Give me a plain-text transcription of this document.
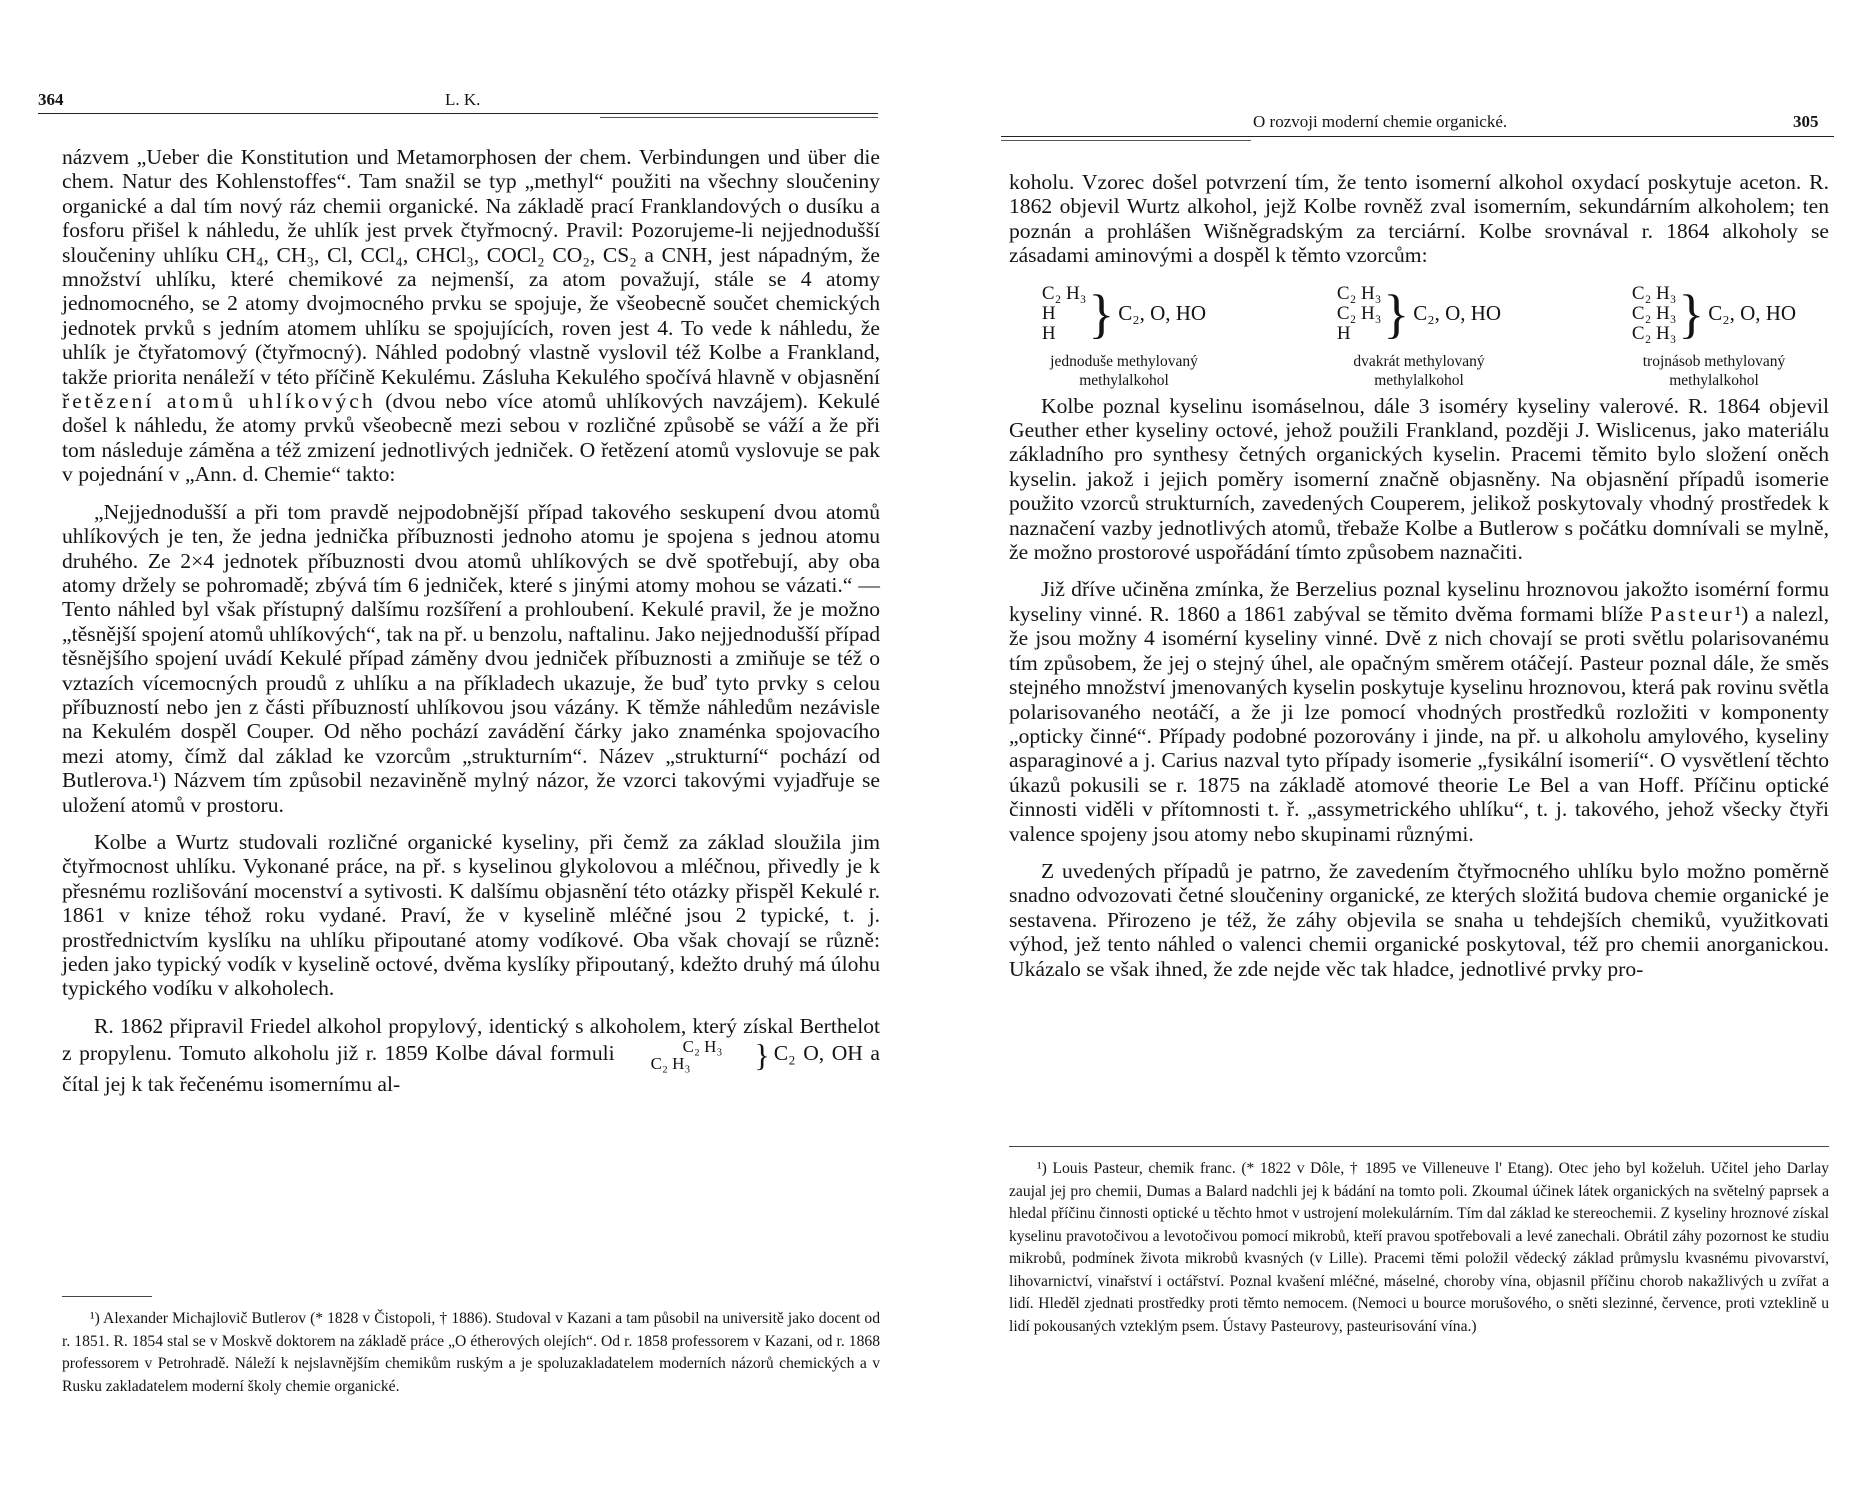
364	L. K.

názvem „Ueber die Konstitution und Metamorphosen der chem. Verbindungen und über die chem. Natur des Kohlenstoffes“. Tam snažil se typ „methyl“ použiti na všechny sloučeniny organické a dal tím nový ráz chemii organické. Na základě prací Franklandových o dusíku a fosforu přišel k náhledu, že uhlík jest prvek čtyřmocný. Pravil: Pozorujeme-li nejjednodušší sloučeniny uhlíku CH₄, CH₃, Cl, CCl₄, CHCl₃, COCl₂ CO₂, CS₂ a CNH, jest nápadným, že množství uhlíku, které chemikové za nejmenší, za atom považují, stále se 4 atomy jednomocného, se 2 atomy dvojmocného prvku se spojuje, že všeobecně součet chemických jednotek prvků s jedním atomem uhlíku se spojujících, roven jest 4. To vede k náhledu, že uhlík je čtyřatomový (čtyřmocný). Náhled podobný vlastně vyslovil též Kolbe a Frankland, takže priorita nenáleží v této příčině Kekulému. Zásluha Kekulého spočívá hlavně v objasnění řetězení atomů uhlíkových (dvou nebo více atomů uhlíkových navzájem). Kekulé došel k náhledu, že atomy prvků všeobecně mezi sebou v rozličné způsobě se váží a že při tom následuje záměna a též zmizení jednotlivých jedniček. O řetězení atomů vyslovuje se pak v pojednání v „Ann. d. Chemie“ takto:

„Nejjednodušší a při tom pravdě nejpodobnější případ takového seskupení dvou atomů uhlíkových je ten, že jedna jednička příbuznosti jednoho atomu je spojena s jednou atomu druhého. Ze 2×4 jednotek příbuznosti dvou atomů uhlíkových se dvě spotřebují, aby oba atomy držely se pohromadě; zbývá tím 6 jedniček, které s jinými atomy mohou se vázati.“ — Tento náhled byl však přístupný dalšímu rozšíření a prohloubení. Kekulé pravil, že je možno „těsnější spojení atomů uhlíkových“, tak na př. u benzolu, naftalinu. Jako nejjednodušší případ těsnějšího spojení uvádí Kekulé případ záměny dvou jedniček příbuznosti a zmiňuje se též o vztazích vícemocných proudů z uhlíku a na příkladech ukazuje, že buď tyto prvky s celou příbuzností nebo jen z části příbuzností uhlíkovou jsou vázány. K těmže náhledům nezávisle na Kekulém dospěl Couper. Od něho pochází zavádění čárky jako znaménka spojovacího mezi atomy, čímž dal základ ke vzorcům „strukturním“. Název „strukturní“ pochází od Butlerova.¹) Názvem tím způsobil nezaviněně mylný názor, že vzorci takovými vyjadřuje se uložení atomů v prostoru.

Kolbe a Wurtz studovali rozličné organické kyseliny, při čemž za základ sloužila jim čtyřmocnost uhlíku. Vykonané práce, na př. s kyselinou glykolovou a mléčnou, přivedly je k přesnému rozlišování mocenství a sytivosti. K dalšímu objasnění této otázky přispěl Kekulé r. 1861 v knize téhož roku vydané. Praví, že v kyselině mléčné jsou 2 typické, t. j. prostřednictvím kyslíku na uhlíku připoutané atomy vodíkové. Oba však chovají se různě: jeden jako typický vodík v kyselině octové, dvěma kyslíky připoutaný, kdežto druhý má úlohu typického vodíku v alkoholech.

R. 1862 připravil Friedel alkohol propylový, identický s alkoholem, který získal Berthelot z propylenu. Tomuto alkoholu již r. 1859 Kolbe dával formuli	C₂ H₃
C₂ H₃ } C₂ O, OH a čítal jej k tak řečenému isomernímu al-

¹) Alexander Michajlovič Butlerov (* 1828 v Čistopoli, † 1886). Studoval v Kazani a tam působil na universitě jako docent od r. 1851. R. 1854 stal se v Moskvě doktorem na základě práce „O étherových olejích“. Od r. 1858 professorem v Kazani, od r. 1868 professorem v Petrohradě. Náleží k nejslavnějším chemikům ruským a je spoluzakladatelem moderních názorů chemických a v Rusku zakladatelem moderní školy chemie organické.

O rozvoji moderní chemie organické.	305

koholu. Vzorec došel potvrzení tím, že tento isomerní alkohol oxydací poskytuje aceton. R. 1862 objevil Wurtz alkohol, jejž Kolbe rovněž zval isomerním, sekundárním alkoholem; ten poznán a prohlášen Wišněgradským za terciární. Kolbe srovnával r. 1864 alkoholy se zásadami aminovými a dospěl k těmto vzorcům:

C₂ H₃
H
H } C₂, O, HO
jednoduše methylovaný
methylalkohol
C₂ H₃
C₂ H₃
H } C₂, O, HO
dvakrát methylovaný
methylalkohol
C₂ H₃
C₂ H₃
C₂ H₃ } C₂, O, HO
trojnásob methylovaný
methylalkohol

Kolbe poznal kyselinu isomáselnou, dále 3 isoméry kyseliny valerové. R. 1864 objevil Geuther ether kyseliny octové, jehož použili Frankland, později J. Wislicenus, jako materiálu základního pro synthesy četných organických kyselin. Pracemi těmito bylo složení oněch kyselin. jakož i jejich poměry isomerní značně objasněny. Na objasnění případů isomerie použito vzorců strukturních, zavedených Couperem, jelikož poskytovaly vhodný prostředek k naznačení vazby jednotlivých atomů, třebaže Kolbe a Butlerow s počátku domnívali se mylně, že možno prostorové uspořádání tímto způsobem naznačiti.

Již dříve učiněna zmínka, že Berzelius poznal kyselinu hroznovou jakožto isomérní formu kyseliny vinné. R. 1860 a 1861 zabýval se těmito dvěma formami blíže Pasteur¹) a nalezl, že jsou možny 4 isomérní kyseliny vinné. Dvě z nich chovají se proti světlu polarisovanému tím způsobem, že jej o stejný úhel, ale opačným směrem otáčejí. Pasteur poznal dále, že směs stejného množství jmenovaných kyselin poskytuje kyselinu hroznovou, která pak rovinu světla polarisovaného neotáčí, a že ji lze pomocí vhodných prostředků rozložiti v komponenty „opticky činné“. Případy podobné pozorovány i jinde, na př. u alkoholu amylového, kyseliny asparaginové a j. Carius nazval tyto případy isomerie „fysikální isomerií“. O vysvětlení těchto úkazů pokusili se r. 1875 na základě atomové theorie Le Bel a van Hoff. Příčinu optické činnosti viděli v přítomnosti t. ř. „assymetrického uhlíku“, t. j. takového, jehož všecky čtyři valence spojeny jsou atomy nebo skupinami různými.

Z uvedených případů je patrno, že zavedením čtyřmocného uhlíku bylo možno poměrně snadno odvozovati četné sloučeniny organické, ze kterých složitá budova chemie organické je sestavena. Přirozeno je též, že záhy objevila se snaha u tehdejších chemiků, využitkovati výhod, jež tento náhled o valenci chemii organické poskytoval, též pro chemii anorganickou. Ukázalo se však ihned, že zde nejde věc tak hladce, jednotlivé prvky pro-

¹) Louis Pasteur, chemik franc. (* 1822 v Dôle, † 1895 ve Villeneuve l' Etang). Otec jeho byl koželuh. Učitel jeho Darlay zaujal jej pro chemii, Dumas a Balard nadchli jej k bádání na tomto poli. Zkoumal účinek látek organických na světelný paprsek a hledal příčinu činnosti optické u těchto hmot v ustrojení molekulárním. Tím dal základ ke stereochemii. Z kyseliny hroznové získal kyselinu pravotočivou a levotočivou pomocí mikrobů, kteří pravou spotřebovali a levé zanechali. Obrátil záhy pozornost ke studiu mikrobů, podmínek života mikrobů kvasných (v Lille). Pracemi těmi položil vědecký základ průmyslu kvasnému pivovarství, lihovarnictví, vinařství i octářství. Poznal kvašení mléčné, máselné, choroby vína, objasnil příčinu chorob nakažlivých u zvířat a lidí. Hleděl zjednati prostředky proti těmto nemocem. (Nemoci u bource morušového, o sněti slezinné, července, proti vzteklině u lidí pokousaných vzteklým psem. Ústavy Pasteurovy, pasteurisování vína.)
